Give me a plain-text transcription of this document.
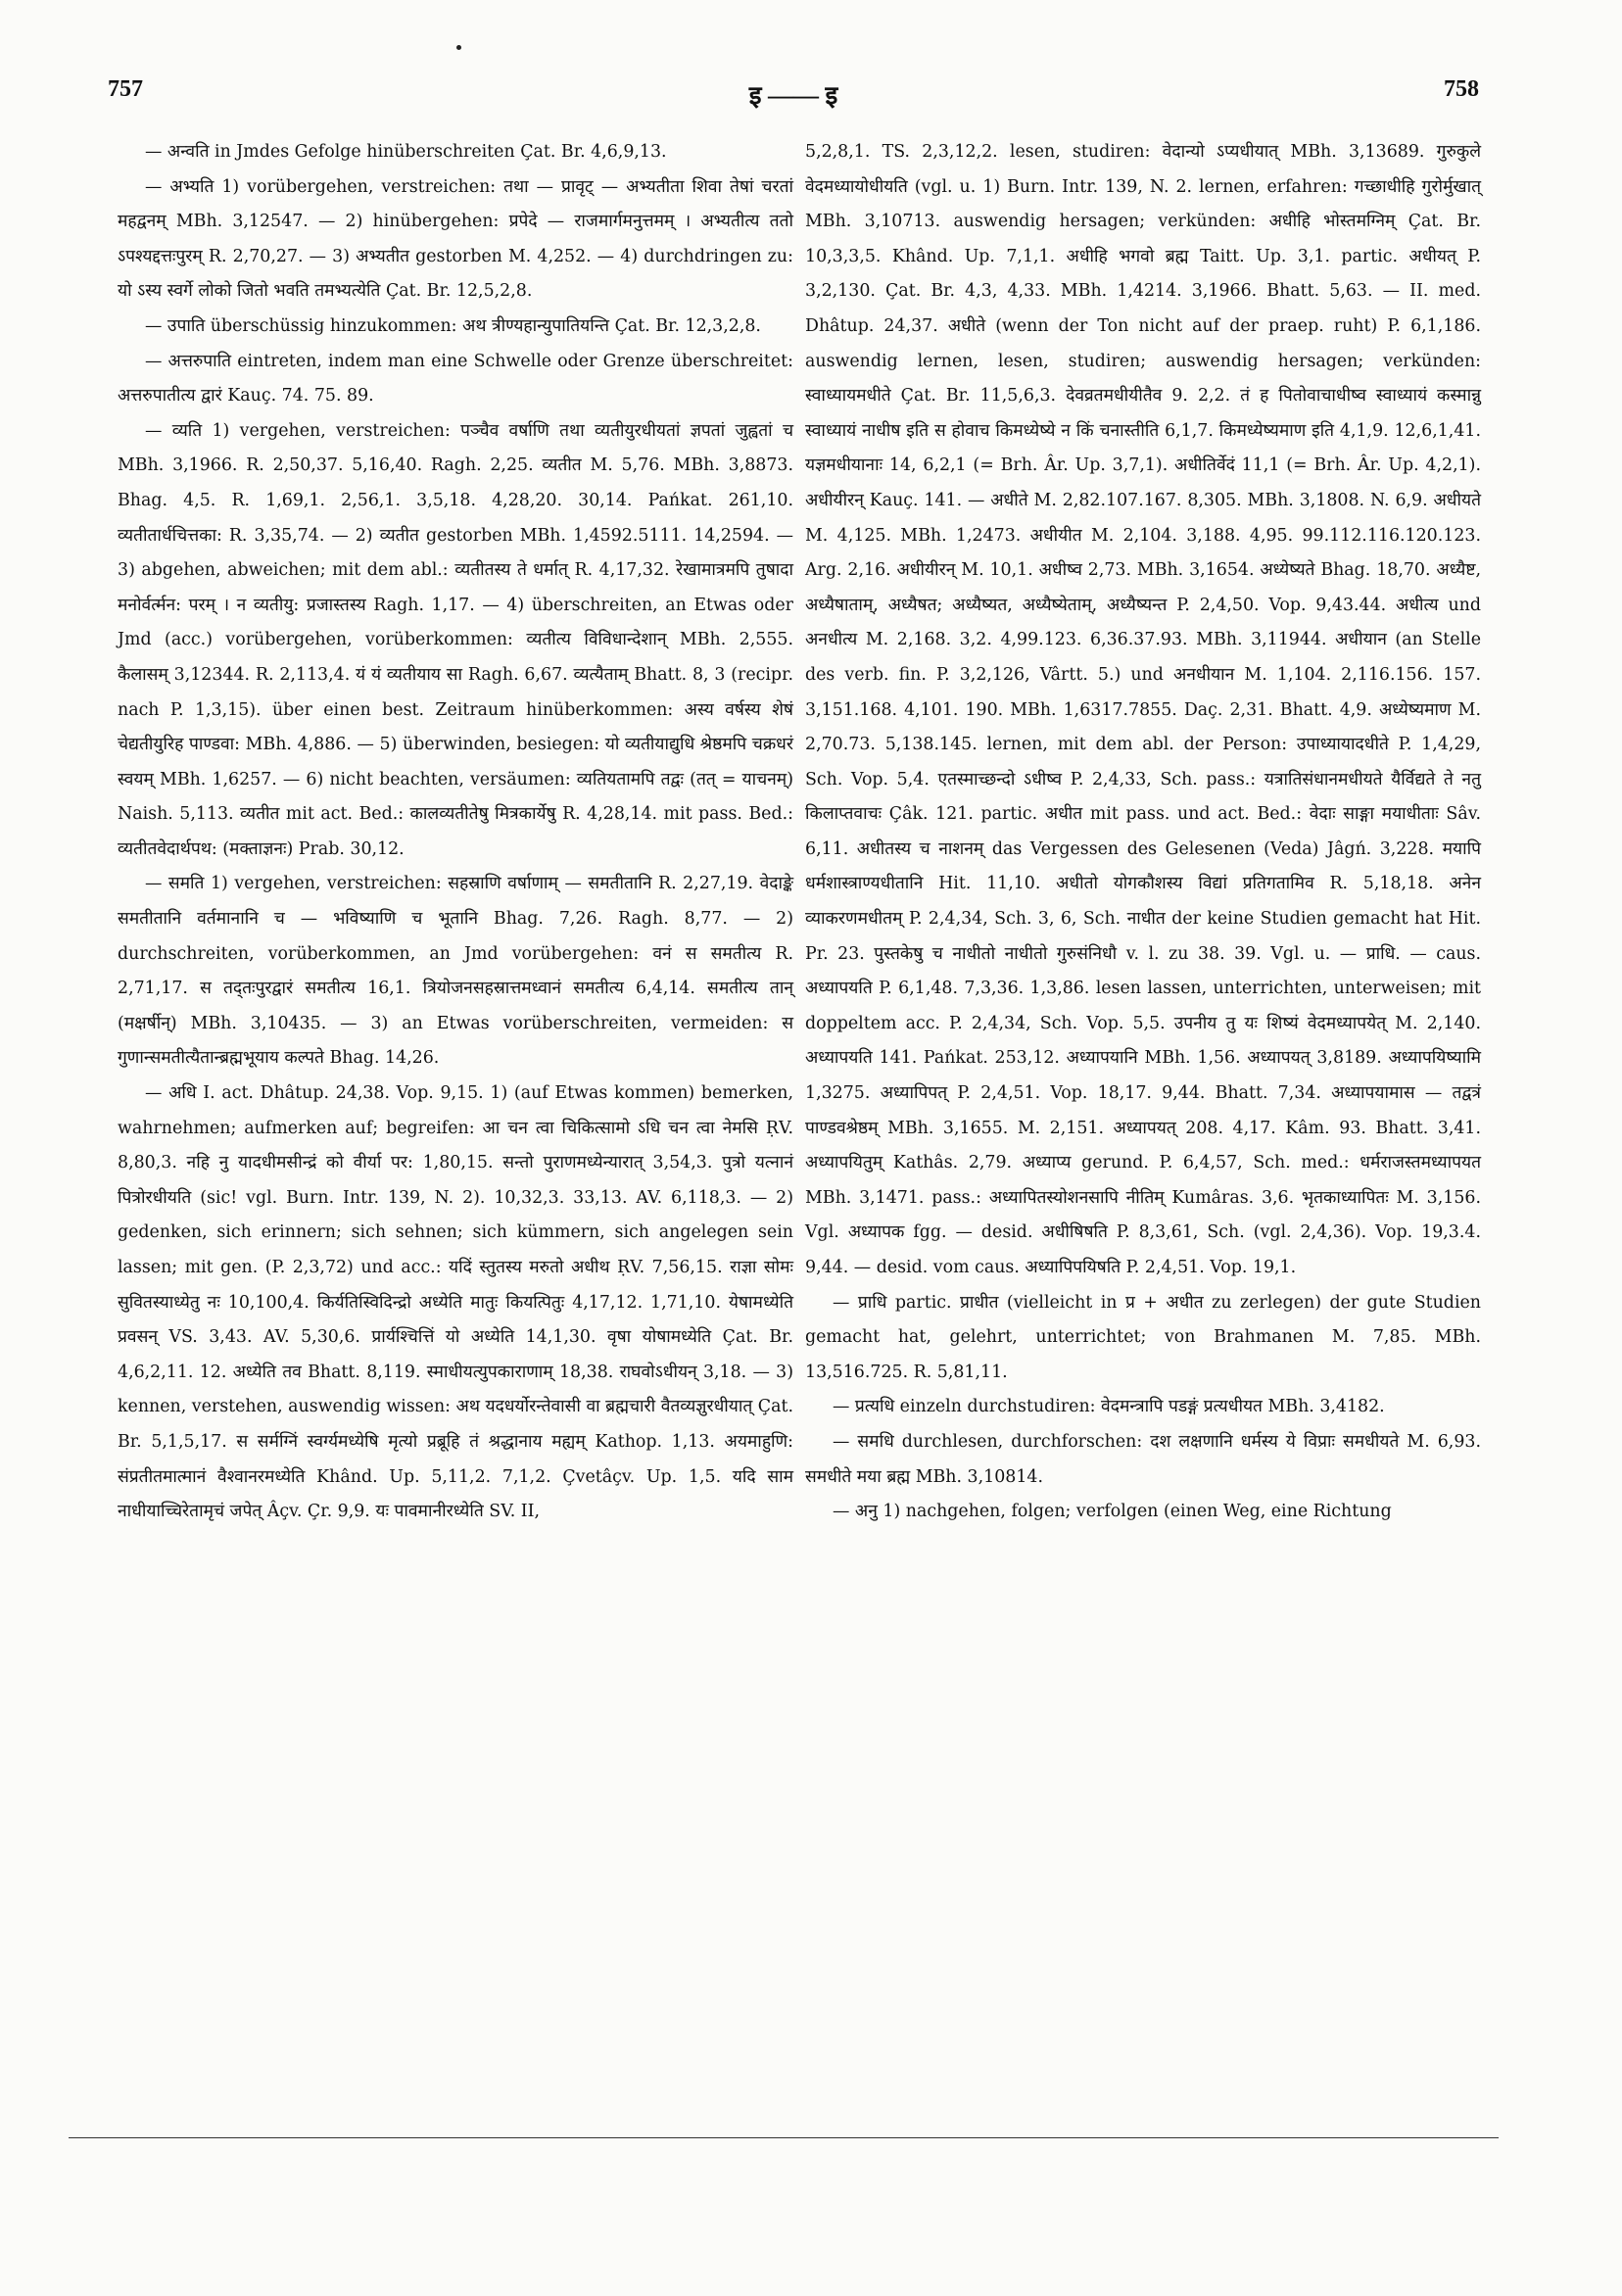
757	इ —— इ	758

— अन्वति in Jmdes Gefolge hinüberschreiten Çat. Br. 4,6,9,13.

— अभ्यति 1) vorübergehen, verstreichen: तथा — प्रावृट् — अभ्यतीता शिवा तेषां चरतां महद्वनम् MBh. 3,12547. — 2) hinübergehen: प्रपेदे — राजमार्गमनुत्तमम् । अभ्यतीत्य ततो ऽपश्यद्दत्तःपुरम् R. 2,70,27. — 3) अभ्यतीत gestorben M. 4,252. — 4) durchdringen zu: यो ऽस्य स्वर्गे लोको जितो भवति तमभ्यत्येति Çat. Br. 12,5,2,8.

— उपाति überschüssig hinzukommen: अथ त्रीण्यहान्युपातियन्ति Çat. Br. 12,3,2,8.

— अत्तरुपाति eintreten, indem man eine Schwelle oder Grenze überschreitet: अत्तरुपातीत्य द्वारं Kauç. 74. 75. 89.

— व्यति 1) vergehen, verstreichen: पञ्चैव वर्षाणि तथा व्यतीयुरधीयतां ज्ञपतां जुह्वतां च MBh. 3,1966. R. 2,50,37. 5,16,40. Ragh. 2,25. व्यतीत M. 5,76. MBh. 3,8873. Bhag. 4,5. R. 1,69,1. 2,56,1. 3,5,18. 4,28,20. 30,14. Pańkat. 261,10. व्यतीतार्धचित्तका: R. 3,35,74. — 2) व्यतीत gestorben MBh. 1,4592.5111. 14,2594. — 3) abgehen, abweichen; mit dem abl.: व्यतीतस्य ते धर्मात् R. 4,17,32. रेखामात्रमपि तुषादा मनोर्वर्त्मन: परम् । न व्यतीयु: प्रजास्तस्य Ragh. 1,17. — 4) überschreiten, an Etwas oder Jmd (acc.) vorübergehen, vorüberkommen: व्यतीत्य विविधान्देशान् MBh. 2,555. कैलासम् 3,12344. R. 2,113,4. यं यं व्यतीयाय सा Ragh. 6,67. व्यत्यैताम् Bhatt. 8, 3 (recipr. nach P. 1,3,15). über einen best. Zeitraum hinüberkommen: अस्य वर्षस्य शेषं चेद्यतीयुरिह पाण्डवा: MBh. 4,886. — 5) überwinden, besiegen: यो व्यतीयाद्युधि श्रेष्ठमपि चक्रधरं स्वयम् MBh. 1,6257. — 6) nicht beachten, versäumen: व्यतियतामपि तद्वः (तत् = याचनम्) Naish. 5,113. व्यतीत mit act. Bed.: कालव्यतीतेषु मित्रकार्येषु R. 4,28,14. mit pass. Bed.: व्यतीतवेदार्थपथ: (मक्ताज्ञनः) Prab. 30,12.

— समति 1) vergehen, verstreichen: सहस्राणि वर्षाणाम् — समतीतानि R. 2,27,19. वेदाङ्के समतीतानि वर्तमानानि च — भविष्याणि च भूतानि Bhag. 7,26. Ragh. 8,77. — 2) durchschreiten, vorüberkommen, an Jmd vorübergehen: वनं स समतीत्य R. 2,71,17. स तद्तःपुरद्वारं समतीत्य 16,1. त्रियोजनसहस्रात्तमध्वानं समतीत्य 6,4,14. समतीत्य तान् (मक्षर्षीन्) MBh. 3,10435. — 3) an Etwas vorüberschreiten, vermeiden: स गुणान्समतीत्यैतान्ब्रह्मभूयाय कल्पते Bhag. 14,26.

— अधि I. act. Dhâtup. 24,38. Vop. 9,15. 1) (auf Etwas kommen) bemerken, wahrnehmen; aufmerken auf; begreifen: आ चन त्वा चिकित्सामो ऽधि चन त्वा नेमसि ṚV. 8,80,3. नहि नु यादधीमसीन्द्रं को वीर्या पर: 1,80,15. सन्तो पुराणमध्येन्यारात् 3,54,3. पुत्रो यत्नानं पित्रोरधीयति (sic! vgl. Burn. Intr. 139, N. 2). 10,32,3. 33,13. AV. 6,118,3. — 2) gedenken, sich erinnern; sich sehnen; sich kümmern, sich angelegen sein lassen; mit gen. (P. 2,3,72) und acc.: यदिं स्तुतस्य मरुतो अधीथ ṚV. 7,56,15. राज्ञा सोमः सुवितस्याध्येतु नः 10,100,4. किर्यतिस्विदिन्द्रो अध्येति मातुः कियत्पितुः 4,17,12. 1,71,10. येषामध्येति प्रवसन् VS. 3,43. AV. 5,30,6. प्रार्यश्चित्तिं यो अध्येति 14,1,30. वृषा योषामध्येति Çat. Br. 4,6,2,11. 12. अध्येति तव Bhatt. 8,119. स्माधीयत्युपकाराणाम् 18,38. राघवोऽधीयन् 3,18. — 3) kennen, verstehen, auswendig wissen: अथ यदधर्योरन्तेवासी वा ब्रह्मचारी वैतव्यज्ञुरधीयात् Çat. Br. 5,1,5,17. स सर्मग्निं स्वर्ग्यमध्येषि मृत्यो प्रब्रूहि तं श्रद्धानाय मह्यम् Kathop. 1,13. अयमाहुणि: संप्रतीतमात्मानं वैश्वानरमध्येति Khând. Up. 5,11,2. 7,1,2. Çvetâçv. Up. 1,5. यदि साम नाधीयाच्चिरेतामृचं जपेत् Âçv. Çr. 9,9. यः पावमानीरध्येति SV. II,

5,2,8,1. TS. 2,3,12,2. lesen, studiren: वेदान्यो ऽप्यधीयात् MBh. 3,13689. गुरुकुले वेदमध्यायोधीयति (vgl. u. 1) Burn. Intr. 139, N. 2. lernen, erfahren: गच्छाधीहि गुरोर्मुखात् MBh. 3,10713. auswendig hersagen; verkünden: अधीहि भोस्तमग्निम् Çat. Br. 10,3,3,5. Khând. Up. 7,1,1. अधीहि भगवो ब्रह्म Taitt. Up. 3,1. partic. अधीयत् P. 3,2,130. Çat. Br. 4,3, 4,33. MBh. 1,4214. 3,1966. Bhatt. 5,63. — II. med. Dhâtup. 24,37. अधीते (wenn der Ton nicht auf der praep. ruht) P. 6,1,186. auswendig lernen, lesen, studiren; auswendig hersagen; verkünden: स्वाध्यायमधीते Çat. Br. 11,5,6,3. देवव्रतमधीयीतैव 9. 2,2. तं ह पितोवाचाधीष्व स्वाध्यायं कस्मान्नु स्वाध्यायं नाधीष इति स होवाच किमध्येष्ये न किं चनास्तीति 6,1,7. किमध्येष्यमाण इति 4,1,9. 12,6,1,41. यज्ञमधीयानाः 14, 6,2,1 (= Brh. Âr. Up. 3,7,1). अधीतिर्वेदं 11,1 (= Brh. Âr. Up. 4,2,1). अधीयीरन् Kauç. 141. — अधीते M. 2,82.107.167. 8,305. MBh. 3,1808. N. 6,9. अधीयते M. 4,125. MBh. 1,2473. अधीयीत M. 2,104. 3,188. 4,95. 99.112.116.120.123. Arg. 2,16. अधीयीरन् M. 10,1. अधीष्व 2,73. MBh. 3,1654. अध्येष्यते Bhag. 18,70. अध्यैष्ट, अध्यैषाताम्, अध्यैषत; अध्यैष्यत, अध्यैष्येताम्, अध्यैष्यन्त P. 2,4,50. Vop. 9,43.44. अधीत्य und अनधीत्य M. 2,168. 3,2. 4,99.123. 6,36.37.93. MBh. 3,11944. अधीयान (an Stelle des verb. fin. P. 3,2,126, Vârtt. 5.) und अनधीयान M. 1,104. 2,116.156. 157. 3,151.168. 4,101. 190. MBh. 1,6317.7855. Daç. 2,31. Bhatt. 4,9. अध्येष्यमाण M. 2,70.73. 5,138.145. lernen, mit dem abl. der Person: उपाध्यायादधीते P. 1,4,29, Sch. Vop. 5,4. एतस्माच्छन्दो ऽधीष्व P. 2,4,33, Sch. pass.: यत्रातिसंधानमधीयते यैर्विद्यते ते नतु किलाप्तवाचः Çâk. 121. partic. अधीत mit pass. und act. Bed.: वेदाः साङ्गा मयाधीताः Sâv. 6,11. अधीतस्य च नाशनम् das Vergessen des Gelesenen (Veda) Jâgń. 3,228. मयापि धर्मशास्त्राण्यधीतानि Hit. 11,10. अधीतो योगकौशस्य विद्यां प्रतिगतामिव R. 5,18,18. अनेन व्याकरणमधीतम् P. 2,4,34, Sch. 3, 6, Sch. नाधीत der keine Studien gemacht hat Hit. Pr. 23. पुस्तकेषु च नाधीतो नाधीतो गुरुसंनिधौ v. l. zu 38. 39. Vgl. u. — प्राधि. — caus. अध्यापयति P. 6,1,48. 7,3,36. 1,3,86. lesen lassen, unterrichten, unterweisen; mit doppeltem acc. P. 2,4,34, Sch. Vop. 5,5. उपनीय तु यः शिष्यं वेदमध्यापयेत् M. 2,140. अध्यापयति 141. Pańkat. 253,12. अध्यापयानि MBh. 1,56. अध्यापयत् 3,8189. अध्यापयिष्यामि 1,3275. अध्यापिपत् P. 2,4,51. Vop. 18,17. 9,44. Bhatt. 7,34. अध्यापयामास — तद्वत्रं पाण्डवश्रेष्ठम् MBh. 3,1655. M. 2,151. अध्यापयत् 208. 4,17. Kâm. 93. Bhatt. 3,41. अध्यापयितुम् Kathâs. 2,79. अध्याप्य gerund. P. 6,4,57, Sch. med.: धर्मराजस्तमध्यापयत MBh. 3,1471. pass.: अध्यापितस्योशनसापि नीतिम् Kumâras. 3,6. भृतकाध्यापितः M. 3,156. Vgl. अध्यापक fgg. — desid. अधीषिषति P. 8,3,61, Sch. (vgl. 2,4,36). Vop. 19,3.4. 9,44. — desid. vom caus. अध्यापिपयिषति P. 2,4,51. Vop. 19,1.

— प्राधि partic. प्राधीत (vielleicht in प्र + अधीत zu zerlegen) der gute Studien gemacht hat, gelehrt, unterrichtet; von Brahmanen M. 7,85. MBh. 13,516.725. R. 5,81,11.

— प्रत्यधि einzeln durchstudiren: वेदमन्त्रापि पडङ्गं प्रत्यधीयत MBh. 3,4182.

— समधि durchlesen, durchforschen: दश लक्षणानि धर्मस्य ये विप्राः समधीयते M. 6,93. समधीते मया ब्रह्म MBh. 3,10814.

— अनु 1) nachgehen, folgen; verfolgen (einen Weg, eine Richtung
